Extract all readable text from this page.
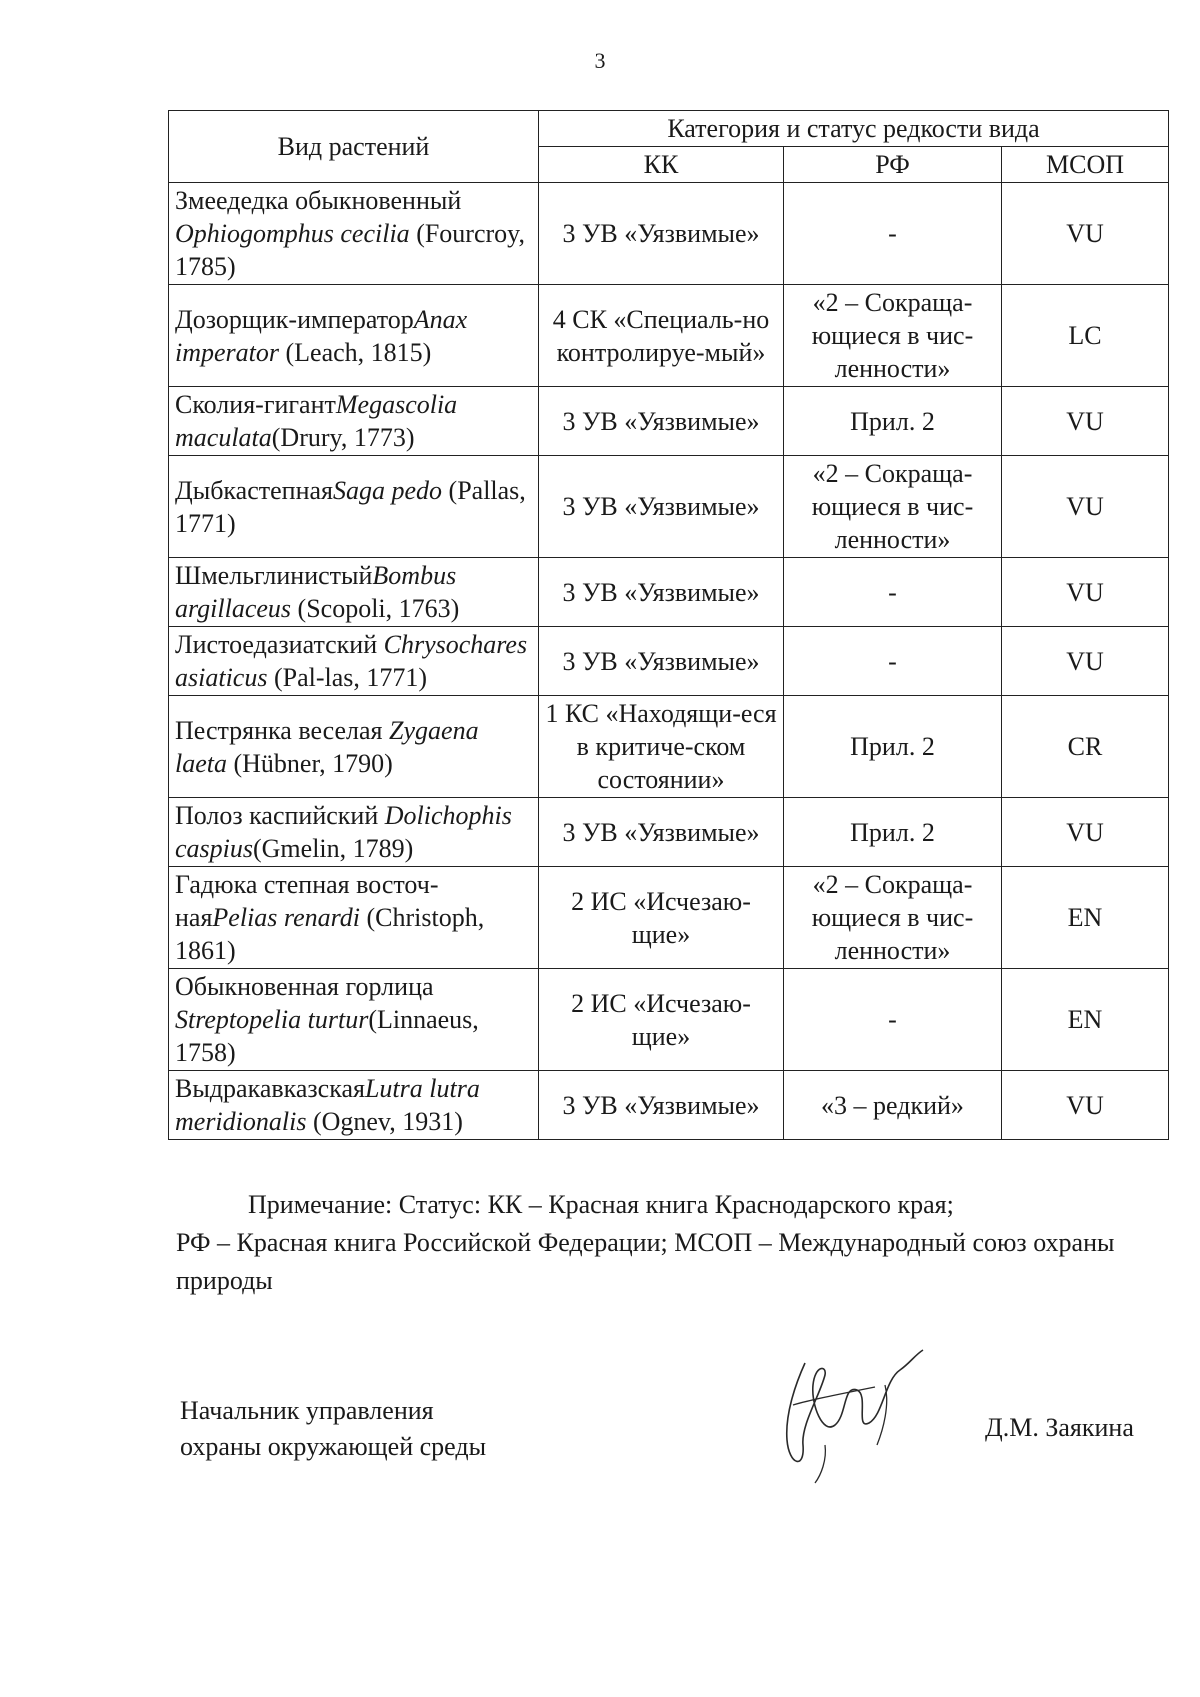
3
Вид растений	Категория и статус редкости вида		
	КК	РФ	МСОП
Змеедедка обыкновенный Ophiogomphus cecilia (Fourcroy, 1785)	3 УВ «Уязвимые»	-	VU
Дозорщик-императорAnax imperator (Leach, 1815)	4 СК «Специаль-но контролируе-мый»	«2 – Сокраща-ющиеся в чис-ленности»	LC
Сколия-гигантMegascolia maculata(Drury, 1773)	3 УВ «Уязвимые»	Прил. 2	VU
ДыбкастепнаяSaga pedo (Pallas, 1771)	3 УВ «Уязвимые»	«2 – Сокраща-ющиеся в чис-ленности»	VU
ШмельглинистыйBombus argillaceus (Scopoli, 1763)	3 УВ «Уязвимые»	-	VU
Листоедазиатский Chrysochares asiaticus (Pal-las, 1771)	3 УВ «Уязвимые»	-	VU
Пестрянка веселая Zygaena laeta (Hübner, 1790)	1 КС «Находящи-еся в критиче-ском состоянии»	Прил. 2	CR
Полоз каспийский Dolichophis caspius(Gmelin, 1789)	3 УВ «Уязвимые»	Прил. 2	VU
Гадюка степная восточ-наяPelias renardi (Christoph, 1861)	2 ИС «Исчезаю-щие»	«2 – Сокраща-ющиеся в чис-ленности»	EN
Обыкновенная горлица Streptopelia turtur(Linnaeus, 1758)	2 ИС «Исчезаю-щие»	-	EN
ВыдракавказскаяLutra lutra meridionalis (Ognev, 1931)	3 УВ «Уязвимые»	«3 – редкий»	VU
Примечание: Статус: КК – Красная книга Краснодарского края;
РФ – Красная книга Российской Федерации; МСОП – Международный союз охраны природы
Начальник управления
охраны окружающей среды
Д.М. Заякина
